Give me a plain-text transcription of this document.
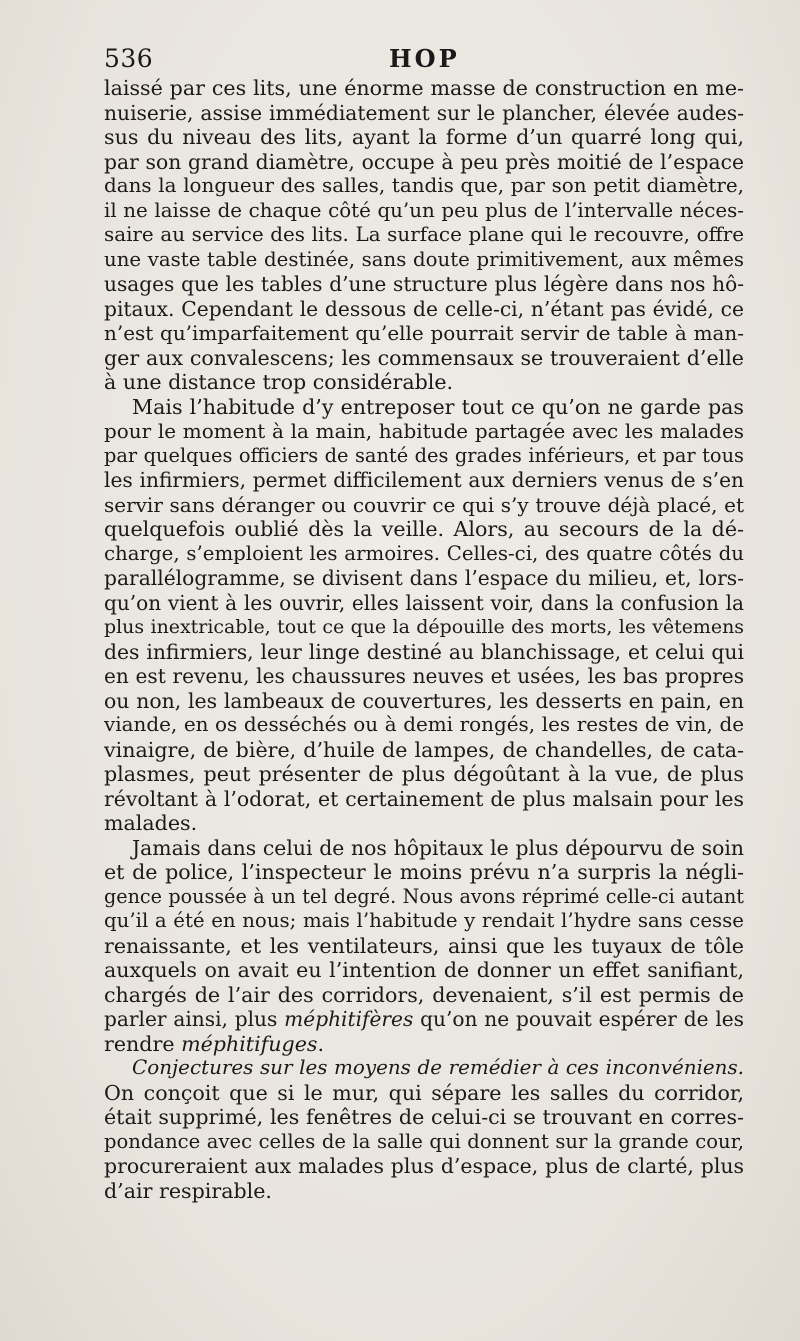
536	HOP
laissé par ces lits, une énorme masse de construction en me-
nuiserie, assise immédiatement sur le plancher, élevée audes-
sus du niveau des lits, ayant la forme d’un quarré long qui,
par son grand diamètre, occupe à peu près moitié de l’espace
dans la longueur des salles, tandis que, par son petit diamètre,
il ne laisse de chaque côté qu’un peu plus de l’intervalle néces-
saire au service des lits. La surface plane qui le recouvre, offre
une vaste table destinée, sans doute primitivement, aux mêmes
usages que les tables d’une structure plus légère dans nos hô-
pitaux. Cependant le dessous de celle-ci, n’étant pas évidé, ce
n’est qu’imparfaitement qu’elle pourrait servir de table à man-
ger aux convalescens; les commensaux se trouveraient d’elle
à une distance trop considérable.
Mais l’habitude d’y entreposer tout ce qu’on ne garde pas
pour le moment à la main, habitude partagée avec les malades
par quelques officiers de santé des grades inférieurs, et par tous
les infirmiers, permet difficilement aux derniers venus de s’en
servir sans déranger ou couvrir ce qui s’y trouve déjà placé, et
quelquefois oublié dès la veille. Alors, au secours de la dé-
charge, s’emploient les armoires. Celles-ci, des quatre côtés du
parallélogramme, se divisent dans l’espace du milieu, et, lors-
qu’on vient à les ouvrir, elles laissent voir, dans la confusion la
plus inextricable, tout ce que la dépouille des morts, les vêtemens
des infirmiers, leur linge destiné au blanchissage, et celui qui
en est revenu, les chaussures neuves et usées, les bas propres
ou non, les lambeaux de couvertures, les desserts en pain, en
viande, en os desséchés ou à demi rongés, les restes de vin, de
vinaigre, de bière, d’huile de lampes, de chandelles, de cata-
plasmes, peut présenter de plus dégoûtant à la vue, de plus
révoltant à l’odorat, et certainement de plus malsain pour les
malades.
Jamais dans celui de nos hôpitaux le plus dépourvu de soin
et de police, l’inspecteur le moins prévu n’a surpris la négli-
gence poussée à un tel degré. Nous avons réprimé celle-ci autant
qu’il a été en nous; mais l’habitude y rendait l’hydre sans cesse
renaissante, et les ventilateurs, ainsi que les tuyaux de tôle
auxquels on avait eu l’intention de donner un effet sanifiant,
chargés de l’air des corridors, devenaient, s’il est permis de
parler ainsi, plus méphitifères qu’on ne pouvait espérer de les
rendre méphitifuges.
Conjectures sur les moyens de remédier à ces inconvéniens.
On conçoit que si le mur, qui sépare les salles du corridor,
était supprimé, les fenêtres de celui-ci se trouvant en corres-
pondance avec celles de la salle qui donnent sur la grande cour,
procureraient aux malades plus d’espace, plus de clarté, plus
d’air respirable.
